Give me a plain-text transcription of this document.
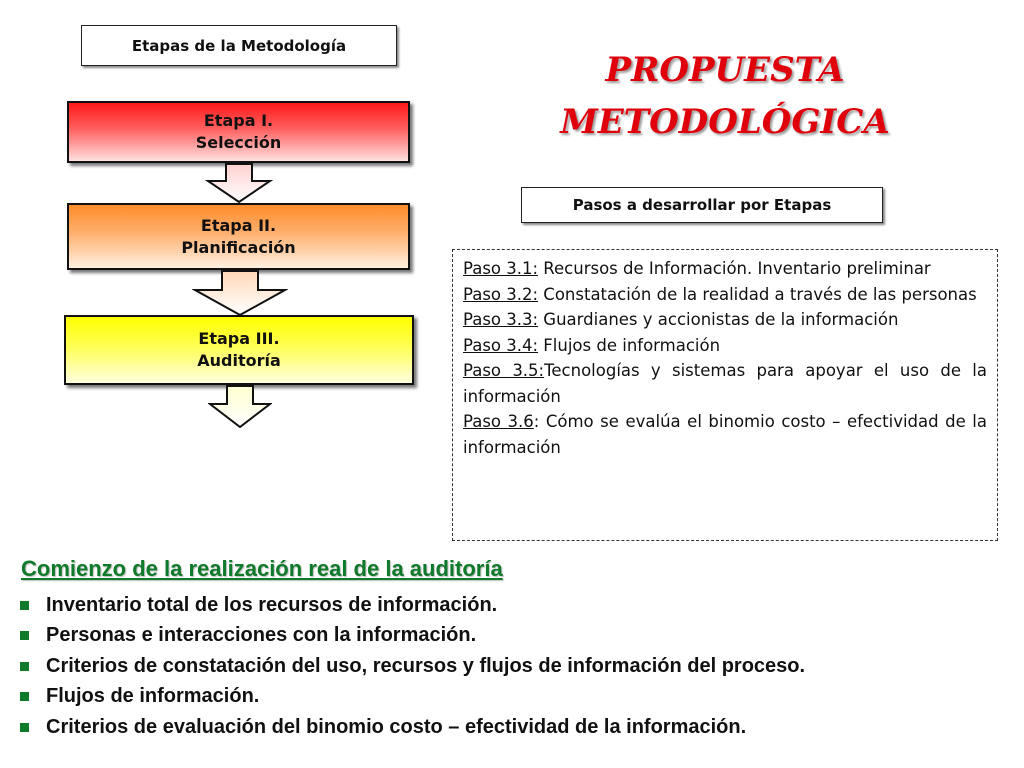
Etapas de la Metodología
Etapa I.
Selección
Etapa II.
Planificación
Etapa III.
Auditoría
PROPUESTA
METODOLÓGICA
Pasos a desarrollar por Etapas

Paso 3.1: Recursos de Información. Inventario preliminar

Paso 3.2: Constatación de la realidad a través de las personas

Paso 3.3: Guardianes y accionistas de la información

Paso 3.4: Flujos de información

Paso 3.5:Tecnologías y sistemas para apoyar el uso de la información

Paso 3.6: Cómo se evalúa el binomio costo – efectividad de la información

Comienzo de la realización real de la auditoría
Inventario total de los recursos de información.
Personas e interacciones con la información.
Criterios de constatación del uso, recursos y flujos de información del proceso.
Flujos de información.
Criterios de evaluación del binomio costo – efectividad de la información.
